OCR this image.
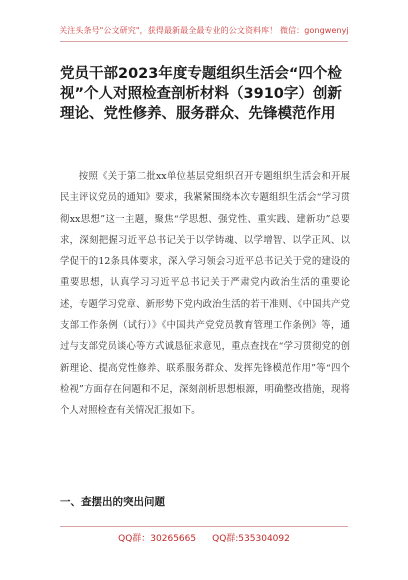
关注头条号"公文研究"，获得最新最全最专业的公文资料库！ 微信：gongwenyj
党员干部2023年度专题组织生活会“四个检视”个人对照检查剖析材料（3910字）创新理论、党性修养、服务群众、先锋模范作用

按照《关于第二批xx单位基层党组织召开专题组织生活会和开展民主评议党员的通知》要求，我紧紧围绕本次专题组织生活会“学习贯彻xx思想”这一主题，聚焦“学思想、强党性、重实践、建新功”总要求，深刻把握习近平总书记关于以学铸魂、以学增智、以学正风、以学促干的12条具体要求，深入学习领会习近平总书记关于党的建设的重要思想，认真学习习近平总书记关于严肃党内政治生活的重要论述，专题学习党章、新形势下党内政治生活的若干准则、《中国共产党支部工作条例（试行）》《中国共产党党员教育管理工作条例》等，通过与支部党员谈心等方式诚恳征求意见，重点查找在“学习贯彻党的创新理论、提高党性修养、联系服务群众、发挥先锋模范作用”等“四个检视”方面存在问题和不足，深刻剖析思想根源，明确整改措施，现将个人对照检查有关情况汇报如下。

一、查摆出的突出问题
QQ群：30265665 QQ群:535304092
